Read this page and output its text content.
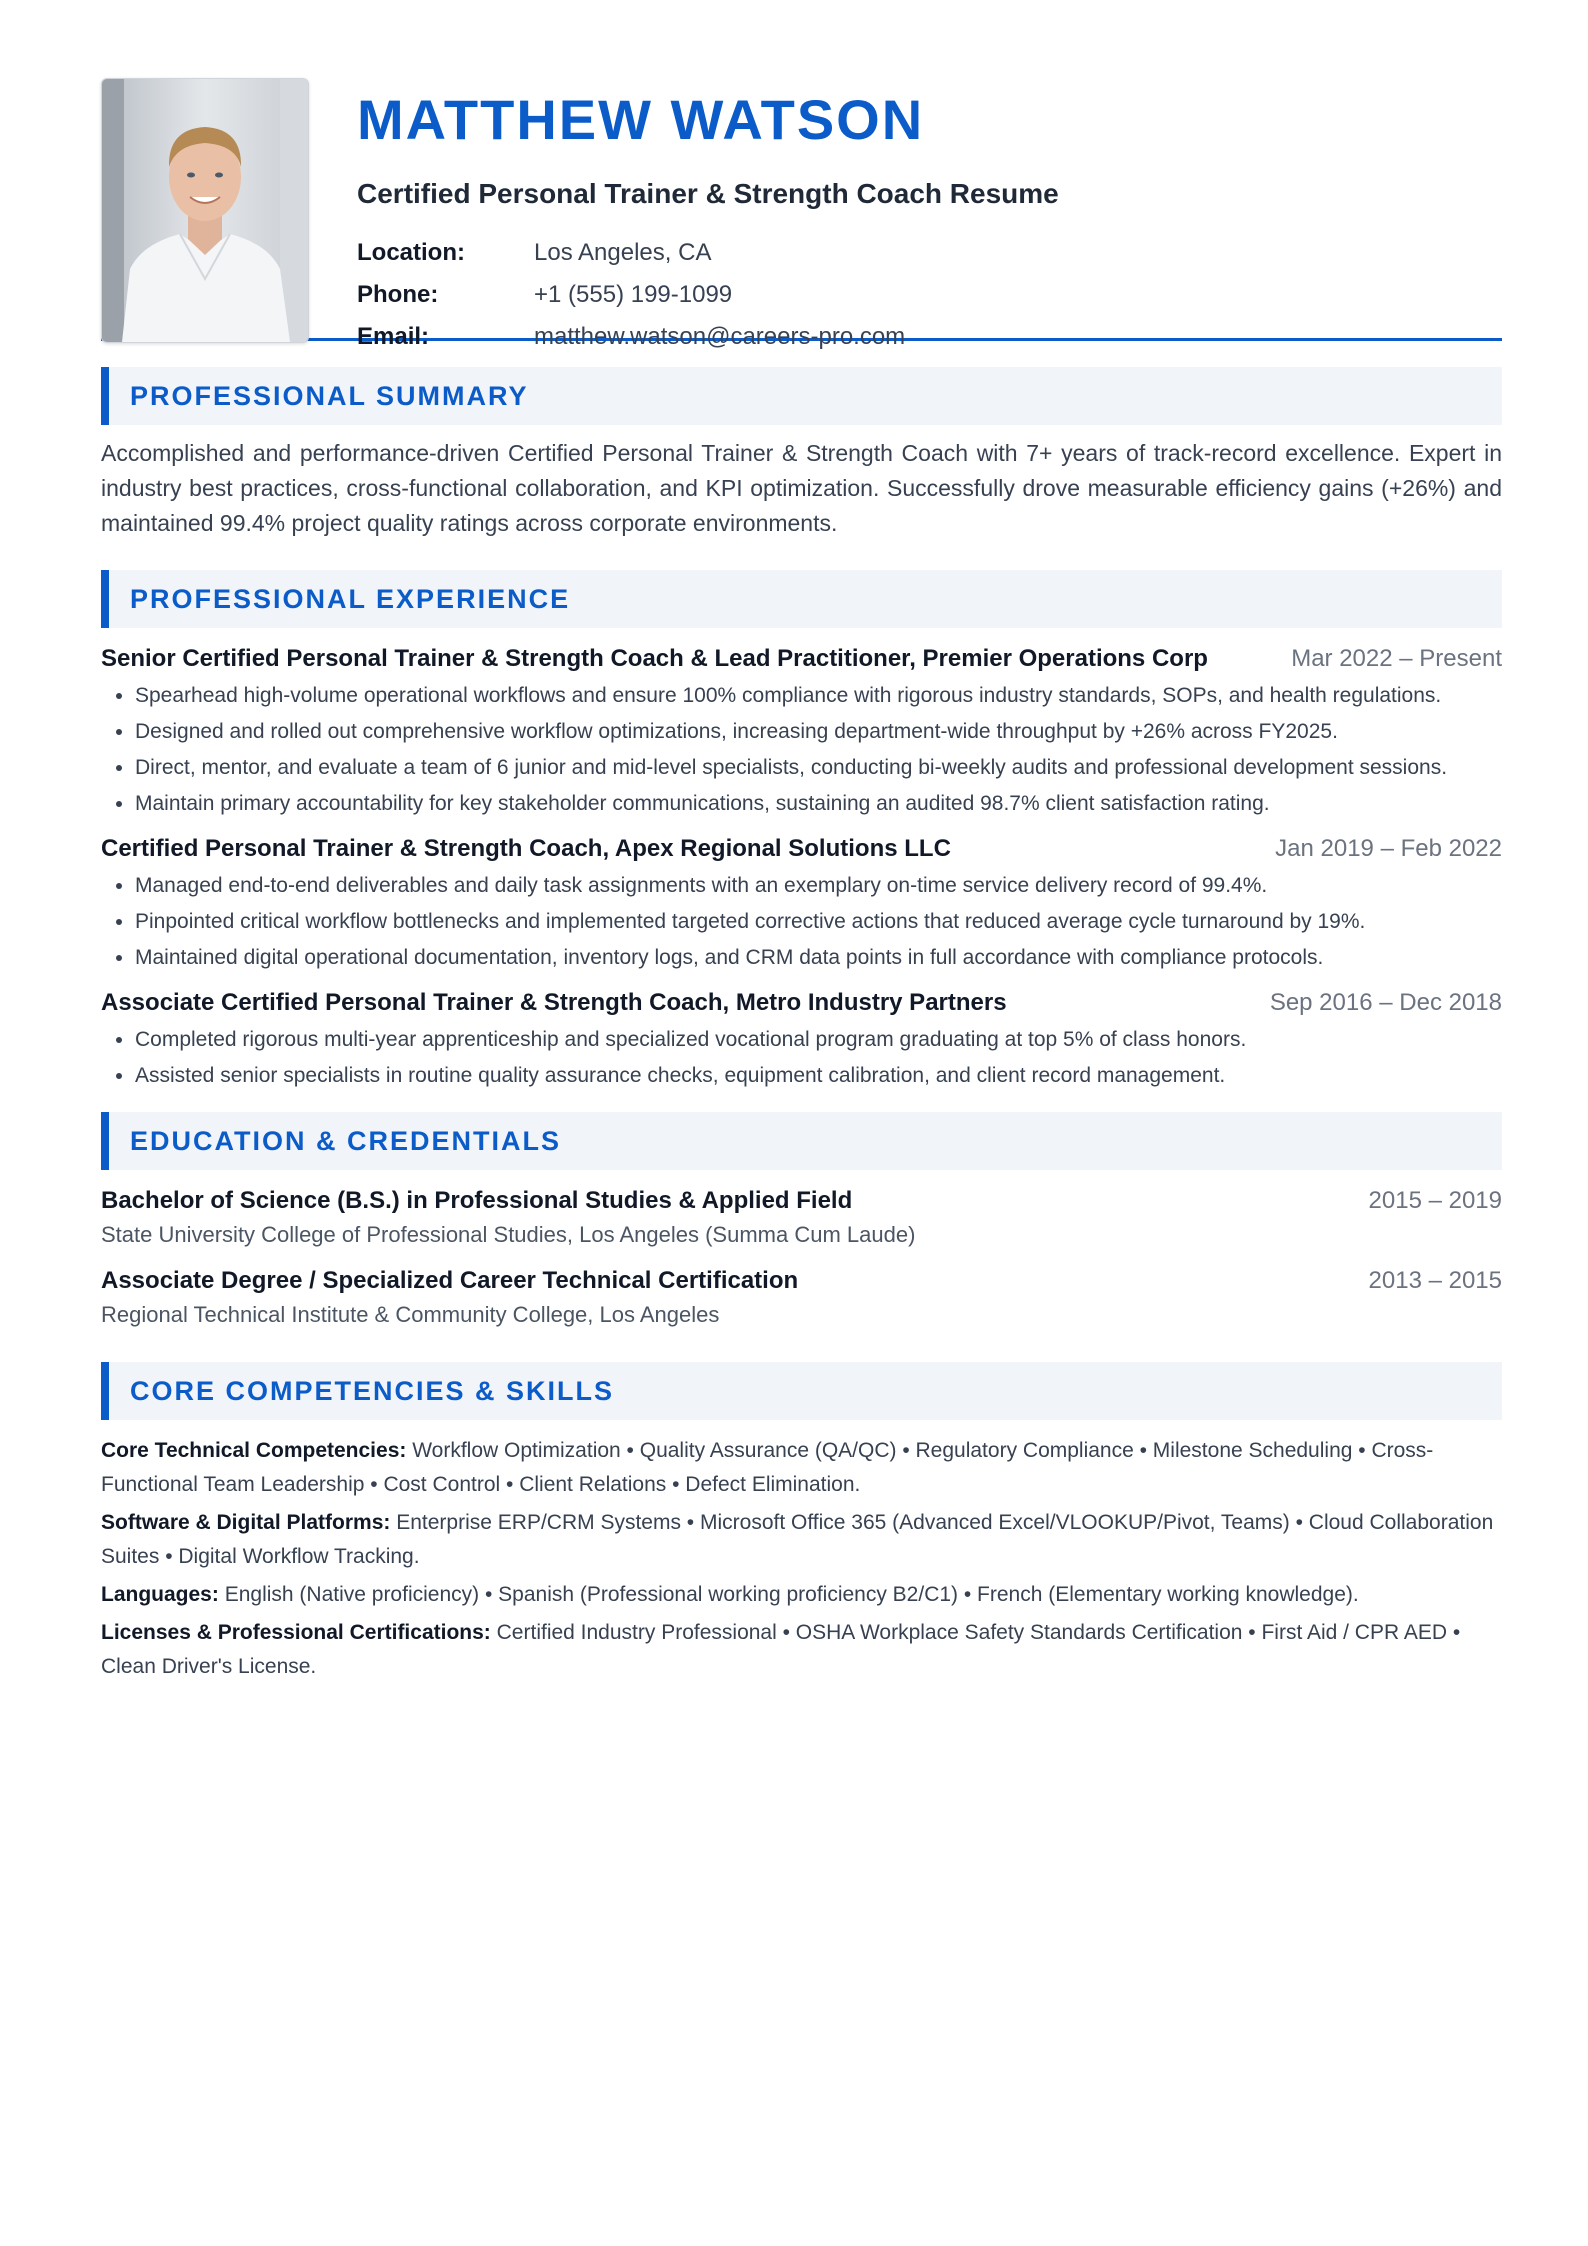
MATTHEW WATSON
Certified Personal Trainer & Strength Coach Resume
Location:	Los Angeles, CA
Phone:	+1 (555) 199-1099
Email:	matthew.watson@careers-pro.com
PROFESSIONAL SUMMARY
Accomplished and performance-driven Certified Personal Trainer & Strength Coach with 7+ years of track-record excellence. Expert in industry best practices, cross-functional collaboration, and KPI optimization. Successfully drove measurable efficiency gains (+26%) and maintained 99.4% project quality ratings across corporate environments.
PROFESSIONAL EXPERIENCE
Senior Certified Personal Trainer & Strength Coach & Lead Practitioner, Premier Operations Corp	Mar 2022 – Present
• Spearhead high-volume operational workflows and ensure 100% compliance with rigorous industry standards, SOPs, and health regulations.
• Designed and rolled out comprehensive workflow optimizations, increasing department-wide throughput by +26% across FY2025.
• Direct, mentor, and evaluate a team of 6 junior and mid-level specialists, conducting bi-weekly audits and professional development sessions.
• Maintain primary accountability for key stakeholder communications, sustaining an audited 98.7% client satisfaction rating.
Certified Personal Trainer & Strength Coach, Apex Regional Solutions LLC	Jan 2019 – Feb 2022
• Managed end-to-end deliverables and daily task assignments with an exemplary on-time service delivery record of 99.4%.
• Pinpointed critical workflow bottlenecks and implemented targeted corrective actions that reduced average cycle turnaround by 19%.
• Maintained digital operational documentation, inventory logs, and CRM data points in full accordance with compliance protocols.
Associate Certified Personal Trainer & Strength Coach, Metro Industry Partners	Sep 2016 – Dec 2018
• Completed rigorous multi-year apprenticeship and specialized vocational program graduating at top 5% of class honors.
• Assisted senior specialists in routine quality assurance checks, equipment calibration, and client record management.
EDUCATION & CREDENTIALS
Bachelor of Science (B.S.) in Professional Studies & Applied Field	2015 – 2019
State University College of Professional Studies, Los Angeles (Summa Cum Laude)
Associate Degree / Specialized Career Technical Certification	2013 – 2015
Regional Technical Institute & Community College, Los Angeles
CORE COMPETENCIES & SKILLS
Core Technical Competencies: Workflow Optimization • Quality Assurance (QA/QC) • Regulatory Compliance • Milestone Scheduling • Cross-Functional Team Leadership • Cost Control • Client Relations • Defect Elimination.
Software & Digital Platforms: Enterprise ERP/CRM Systems • Microsoft Office 365 (Advanced Excel/VLOOKUP/Pivot, Teams) • Cloud Collaboration Suites • Digital Workflow Tracking.
Languages: English (Native proficiency) • Spanish (Professional working proficiency B2/C1) • French (Elementary working knowledge).
Licenses & Professional Certifications: Certified Industry Professional • OSHA Workplace Safety Standards Certification • First Aid / CPR AED • Clean Driver's License.
